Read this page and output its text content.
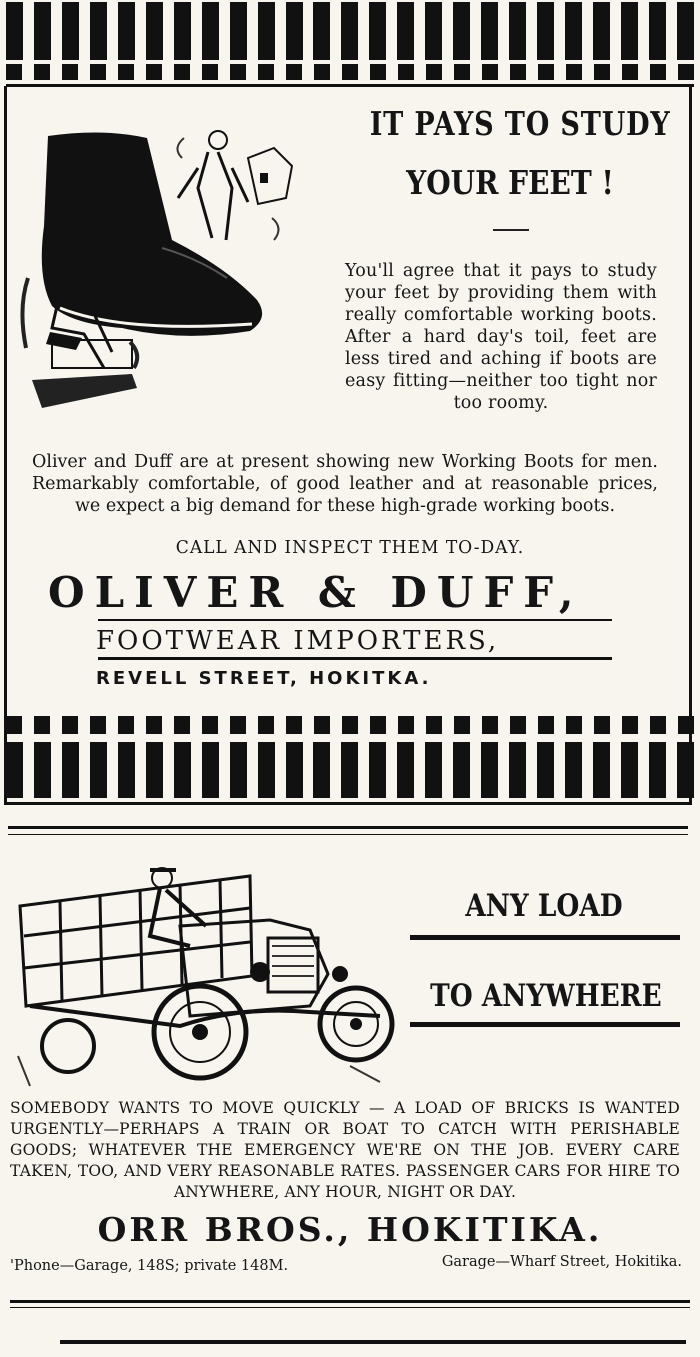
IT PAYS TO STUDY
YOUR FEET !
You'll agree that it pays to study your feet by providing them with really comfortable working boots. After a hard day's toil, feet are less tired and aching if boots are easy fitting—neither too tight nor too roomy.
Oliver and Duff are at present showing new Working Boots for men. Remarkably comfortable, of good leather and at reasonable prices, we expect a big demand for these high-grade working boots.
CALL AND INSPECT THEM TO-DAY.
OLIVER & DUFF,
FOOTWEAR IMPORTERS,
REVELL STREET, HOKITKA.
ANY LOAD
TO ANYWHERE
SOMEBODY WANTS TO MOVE QUICKLY — A LOAD OF BRICKS IS WANTED URGENTLY—PERHAPS A TRAIN OR BOAT TO CATCH WITH PERISHABLE GOODS; WHATEVER THE EMERGENCY WE'RE ON THE JOB. EVERY CARE TAKEN, TOO, AND VERY REASONABLE RATES. PASSENGER CARS FOR HIRE TO ANYWHERE, ANY HOUR, NIGHT OR DAY.
ORR BROS., HOKITIKA.
'Phone—Garage, 148S; private 148M.	Garage—Wharf Street, Hokitika.
